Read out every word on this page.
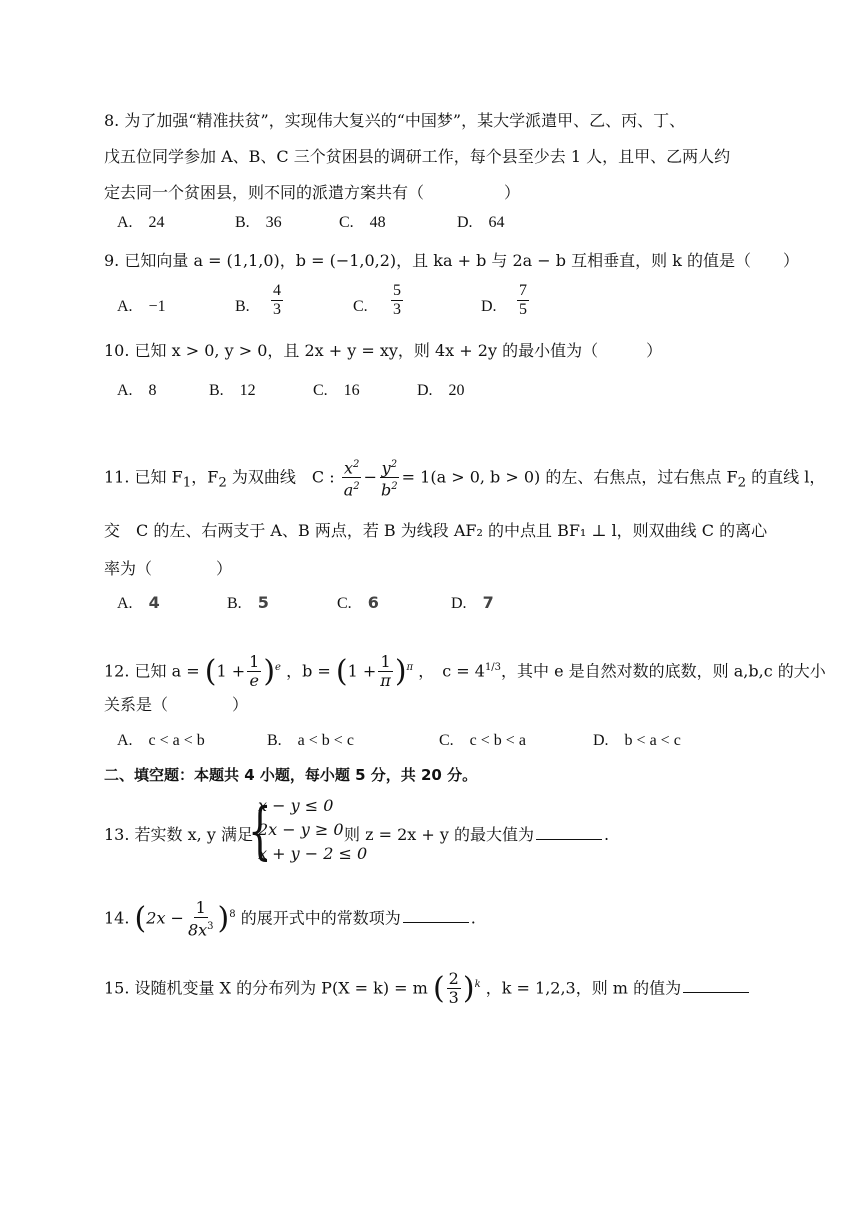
8. 为了加强“精准扶贫”，实现伟大复兴的“中国梦”，某大学派遣甲、乙、丙、丁、
戊五位同学参加 A、B、C 三个贫困县的调研工作，每个县至少去 1 人，且甲、乙两人约
定去同一个贫困县，则不同的派遣方案共有（　　　　　）
A.　24	B.　36	C.　48	D.　64
9. 已知向量 a = (1,1,0)，b = (−1,0,2)，且 ka + b 与 2a − b 互相垂直，则 k 的值是（　　）
A.　−1	B. $\frac{4}{3}$	C. $\frac{5}{3}$	D. $\frac{7}{5}$
10. 已知 x > 0, y > 0，且 2x + y = xy，则 4x + 2y 的最小值为（　　　）
A.　8	B.　12	C.　16	D.　20
11. 已知 $F_1$，$F_2$ 为双曲线　C : $\frac{x^2}{a^2} - \frac{y^2}{b^2} = 1(a > 0$, b > 0) 的左、右焦点，过右焦点 $F_2$ 的直线 l，
交　C 的左、右两支于 A、B 两点，若 B 为线段 AF₂ 的中点且 BF₁ ⊥ l，则双曲线 C 的离心
率为（　　　　）
A.　 4	B.　 5	C.　 6	D.　 7
12. 已知 $a = (1 + \frac{1}{e} )^e$ ，$b = (1 + \frac{1}{\pi} )^\pi$ ，　$c = 4^{1/3}$，其中 e 是自然对数的底数，则 a,b,c 的大小
关系是（　　　　）
A.　c < a < b	B.　a < b < c	C.　c < b < a	D.　b < a < c
二、填空题：本题共 4 小题，每小题 5 分，共 20 分。
13. 若实数 x, y 满足
{
x − y ≤ 0
2x − y ≥ 0
x + y − 2 ≤ 0
则 z = 2x + y 的最大值为	.
14. $(2x - \frac{1}{8x^3} )^8$ 的展开式中的常数项为	.
15. 设随机变量 X 的分布列为 P(X = k) = m ( $\frac{2}{3} )^k$ ，k = 1,2,3，则 m 的值为
